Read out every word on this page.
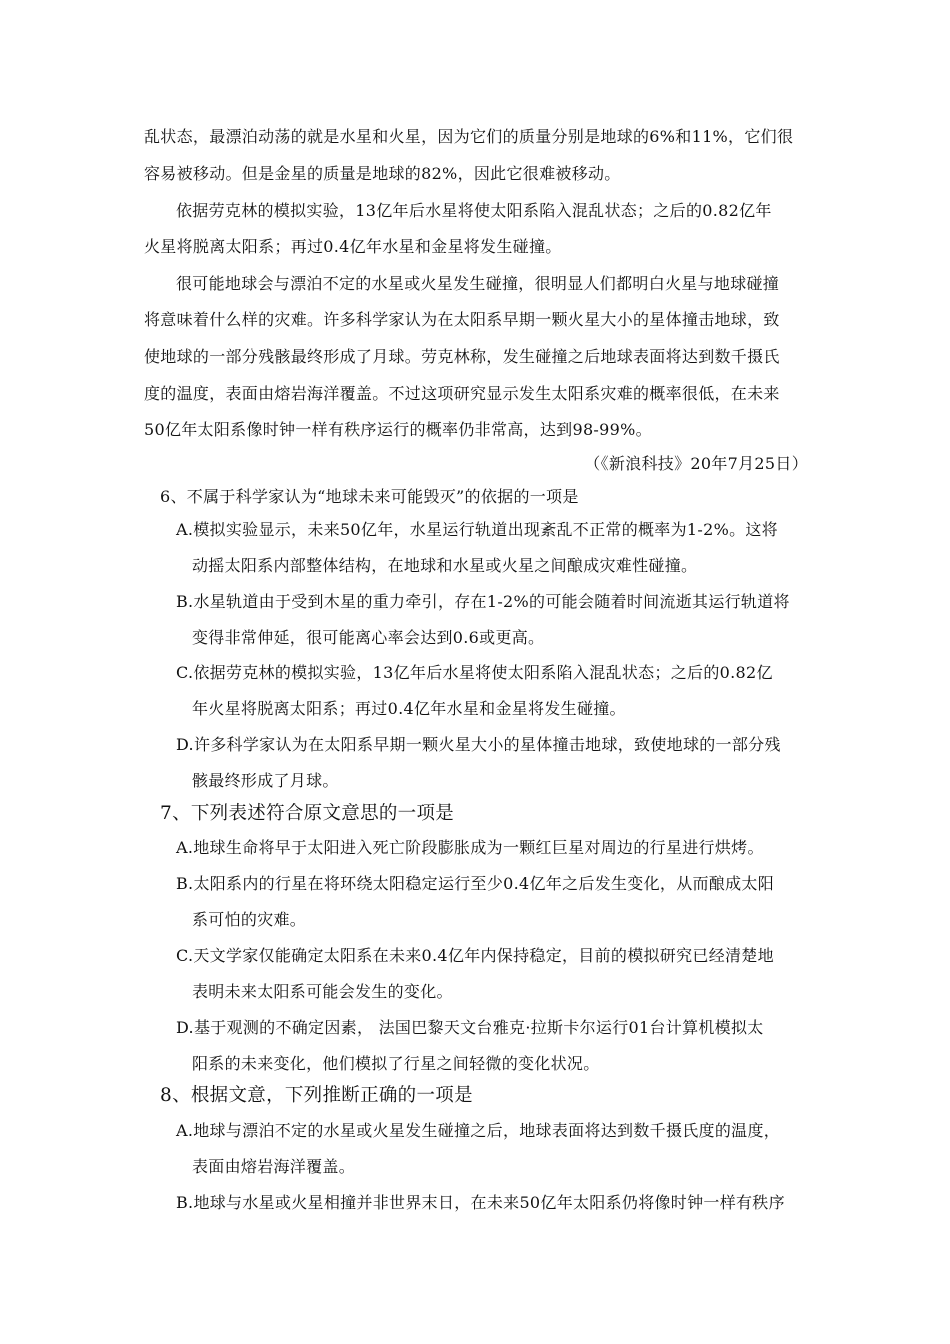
乱状态，最漂泊动荡的就是水星和火星，因为它们的质量分别是地球的6%和11%，它们很
容易被移动。但是金星的质量是地球的82%，因此它很难被移动。
依据劳克林的模拟实验，13亿年后水星将使太阳系陷入混乱状态；之后的0.82亿年
火星将脱离太阳系；再过0.4亿年水星和金星将发生碰撞。
很可能地球会与漂泊不定的水星或火星发生碰撞，很明显人们都明白火星与地球碰撞
将意味着什么样的灾难。许多科学家认为在太阳系早期一颗火星大小的星体撞击地球，致
使地球的一部分残骸最终形成了月球。劳克林称，发生碰撞之后地球表面将达到数千摄氏
度的温度，表面由熔岩海洋覆盖。不过这项研究显示发生太阳系灾难的概率很低，在未来
50亿年太阳系像时钟一样有秩序运行的概率仍非常高，达到98-99%。
（《新浪科技》20年7月25日）
6、不属于科学家认为“地球未来可能毁灭”的依据的一项是
A.模拟实验显示，未来50亿年，水星运行轨道出现紊乱不正常的概率为1-2%。这将
动摇太阳系内部整体结构，在地球和水星或火星之间酿成灾难性碰撞。
B.水星轨道由于受到木星的重力牵引，存在1-2%的可能会随着时间流逝其运行轨道将
变得非常伸延，很可能离心率会达到0.6或更高。
C.依据劳克林的模拟实验，13亿年后水星将使太阳系陷入混乱状态；之后的0.82亿
年火星将脱离太阳系；再过0.4亿年水星和金星将发生碰撞。
D.许多科学家认为在太阳系早期一颗火星大小的星体撞击地球，致使地球的一部分残
骸最终形成了月球。
7、下列表述符合原文意思的一项是
A.地球生命将早于太阳进入死亡阶段膨胀成为一颗红巨星对周边的行星进行烘烤。
B.太阳系内的行星在将环绕太阳稳定运行至少0.4亿年之后发生变化，从而酿成太阳
系可怕的灾难。
C.天文学家仅能确定太阳系在未来0.4亿年内保持稳定，目前的模拟研究已经清楚地
表明未来太阳系可能会发生的变化。
D.基于观测的不确定因素， 法国巴黎天文台雅克·拉斯卡尔运行01台计算机模拟太
阳系的未来变化，他们模拟了行星之间轻微的变化状况。
8、根据文意，下列推断正确的一项是
A.地球与漂泊不定的水星或火星发生碰撞之后，地球表面将达到数千摄氏度的温度，
表面由熔岩海洋覆盖。
B.地球与水星或火星相撞并非世界末日，在未来50亿年太阳系仍将像时钟一样有秩序
